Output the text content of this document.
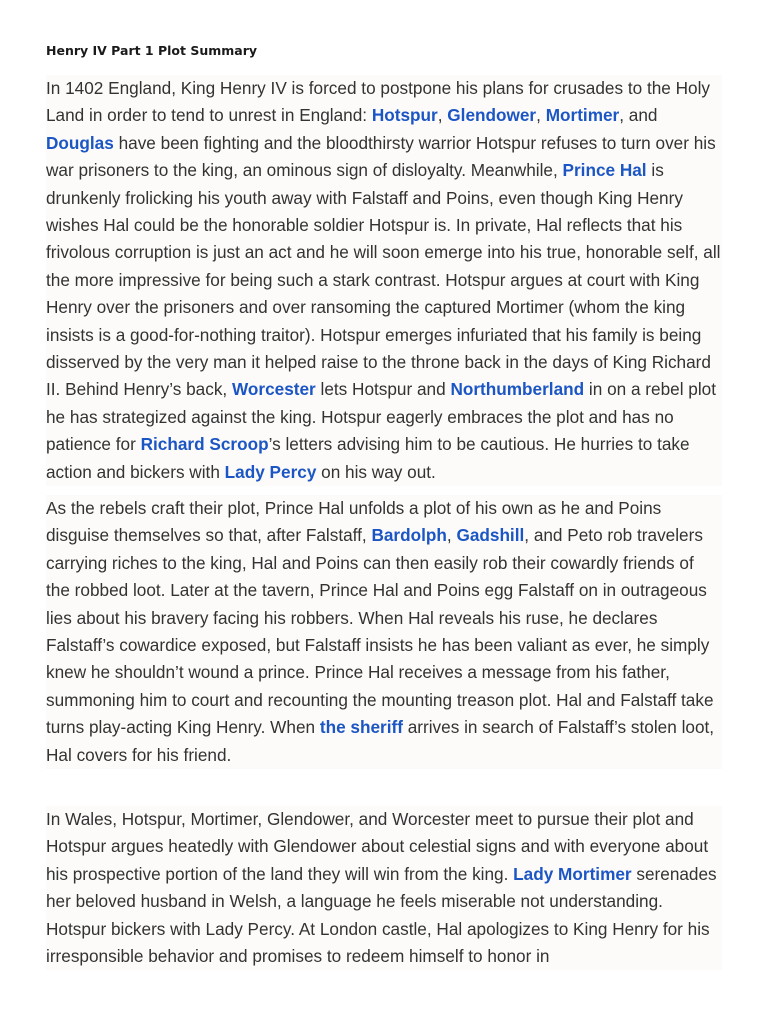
Henry IV Part 1 Plot Summary

In 1402 England, King Henry IV is forced to postpone his plans for crusades to the Holy Land in order to tend to unrest in England: Hotspur, Glendower, Mortimer, and Douglas have been fighting and the bloodthirsty warrior Hotspur refuses to turn over his war prisoners to the king, an ominous sign of disloyalty. Meanwhile, Prince Hal is drunkenly frolicking his youth away with Falstaff and Poins, even though King Henry wishes Hal could be the honorable soldier Hotspur is. In private, Hal reflects that his frivolous corruption is just an act and he will soon emerge into his true, honorable self, all the more impressive for being such a stark contrast. Hotspur argues at court with King Henry over the prisoners and over ransoming the captured Mortimer (whom the king insists is a good-for-nothing traitor). Hotspur emerges infuriated that his family is being disserved by the very man it helped raise to the throne back in the days of King Richard II. Behind Henry’s back, Worcester lets Hotspur and Northumberland in on a rebel plot he has strategized against the king. Hotspur eagerly embraces the plot and has no patience for Richard Scroop’s letters advising him to be cautious. He hurries to take action and bickers with Lady Percy on his way out.

As the rebels craft their plot, Prince Hal unfolds a plot of his own as he and Poins disguise themselves so that, after Falstaff, Bardolph, Gadshill, and Peto rob travelers carrying riches to the king, Hal and Poins can then easily rob their cowardly friends of the robbed loot. Later at the tavern, Prince Hal and Poins egg Falstaff on in outrageous lies about his bravery facing his robbers. When Hal reveals his ruse, he declares Falstaff’s cowardice exposed, but Falstaff insists he has been valiant as ever, he simply knew he shouldn’t wound a prince. Prince Hal receives a message from his father, summoning him to court and recounting the mounting treason plot. Hal and Falstaff take turns play-acting King Henry. When the sheriff arrives in search of Falstaff’s stolen loot, Hal covers for his friend.

In Wales, Hotspur, Mortimer, Glendower, and Worcester meet to pursue their plot and Hotspur argues heatedly with Glendower about celestial signs and with everyone about his prospective portion of the land they will win from the king. Lady Mortimer serenades her beloved husband in Welsh, a language he feels miserable not understanding. Hotspur bickers with Lady Percy. At London castle, Hal apologizes to King Henry for his irresponsible behavior and promises to redeem himself to honor in
